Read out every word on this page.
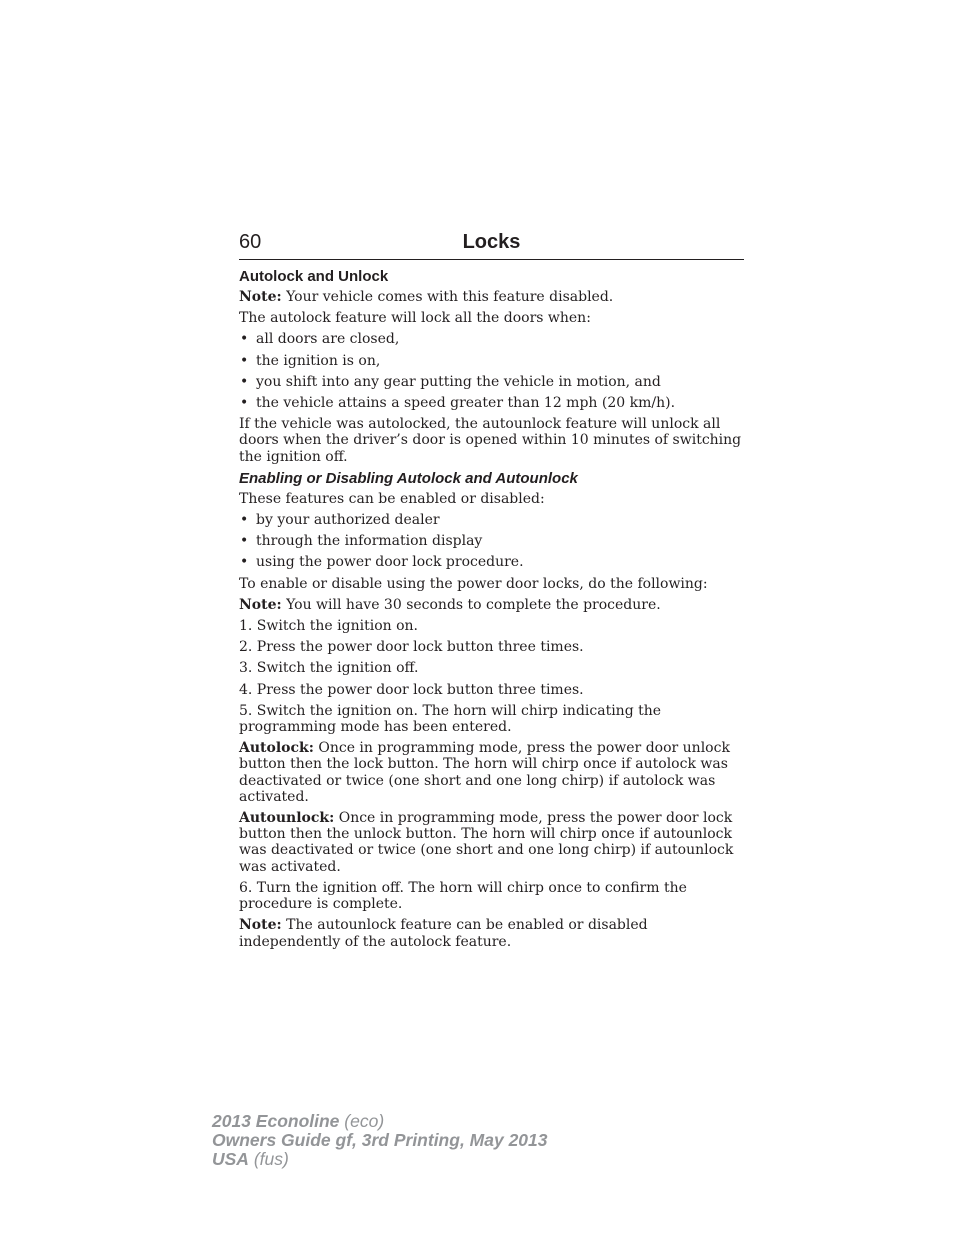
60	Locks
Autolock and Unlock

Note: Your vehicle comes with this feature disabled.

The autolock feature will lock all the doors when:

• all doors are closed,
• the ignition is on,
• you shift into any gear putting the vehicle in motion, and
• the vehicle attains a speed greater than 12 mph (20 km/h).

If the vehicle was autolocked, the autounlock feature will unlock all doors when the driver’s door is opened within 10 minutes of switching the ignition off.

Enabling or Disabling Autolock and Autounlock

These features can be enabled or disabled:

• by your authorized dealer
• through the information display
• using the power door lock procedure.

To enable or disable using the power door locks, do the following:

Note: You will have 30 seconds to complete the procedure.

1. Switch the ignition on.

2. Press the power door lock button three times.

3. Switch the ignition off.

4. Press the power door lock button three times.

5. Switch the ignition on. The horn will chirp indicating the programming mode has been entered.

Autolock: Once in programming mode, press the power door unlock button then the lock button. The horn will chirp once if autolock was deactivated or twice (one short and one long chirp) if autolock was activated.

Autounlock: Once in programming mode, press the power door lock button then the unlock button. The horn will chirp once if autounlock was deactivated or twice (one short and one long chirp) if autounlock was activated.

6. Turn the ignition off. The horn will chirp once to confirm the procedure is complete.

Note: The autounlock feature can be enabled or disabled independently of the autolock feature.

2013 Econoline (eco)
Owners Guide gf, 3rd Printing, May 2013
USA (fus)
